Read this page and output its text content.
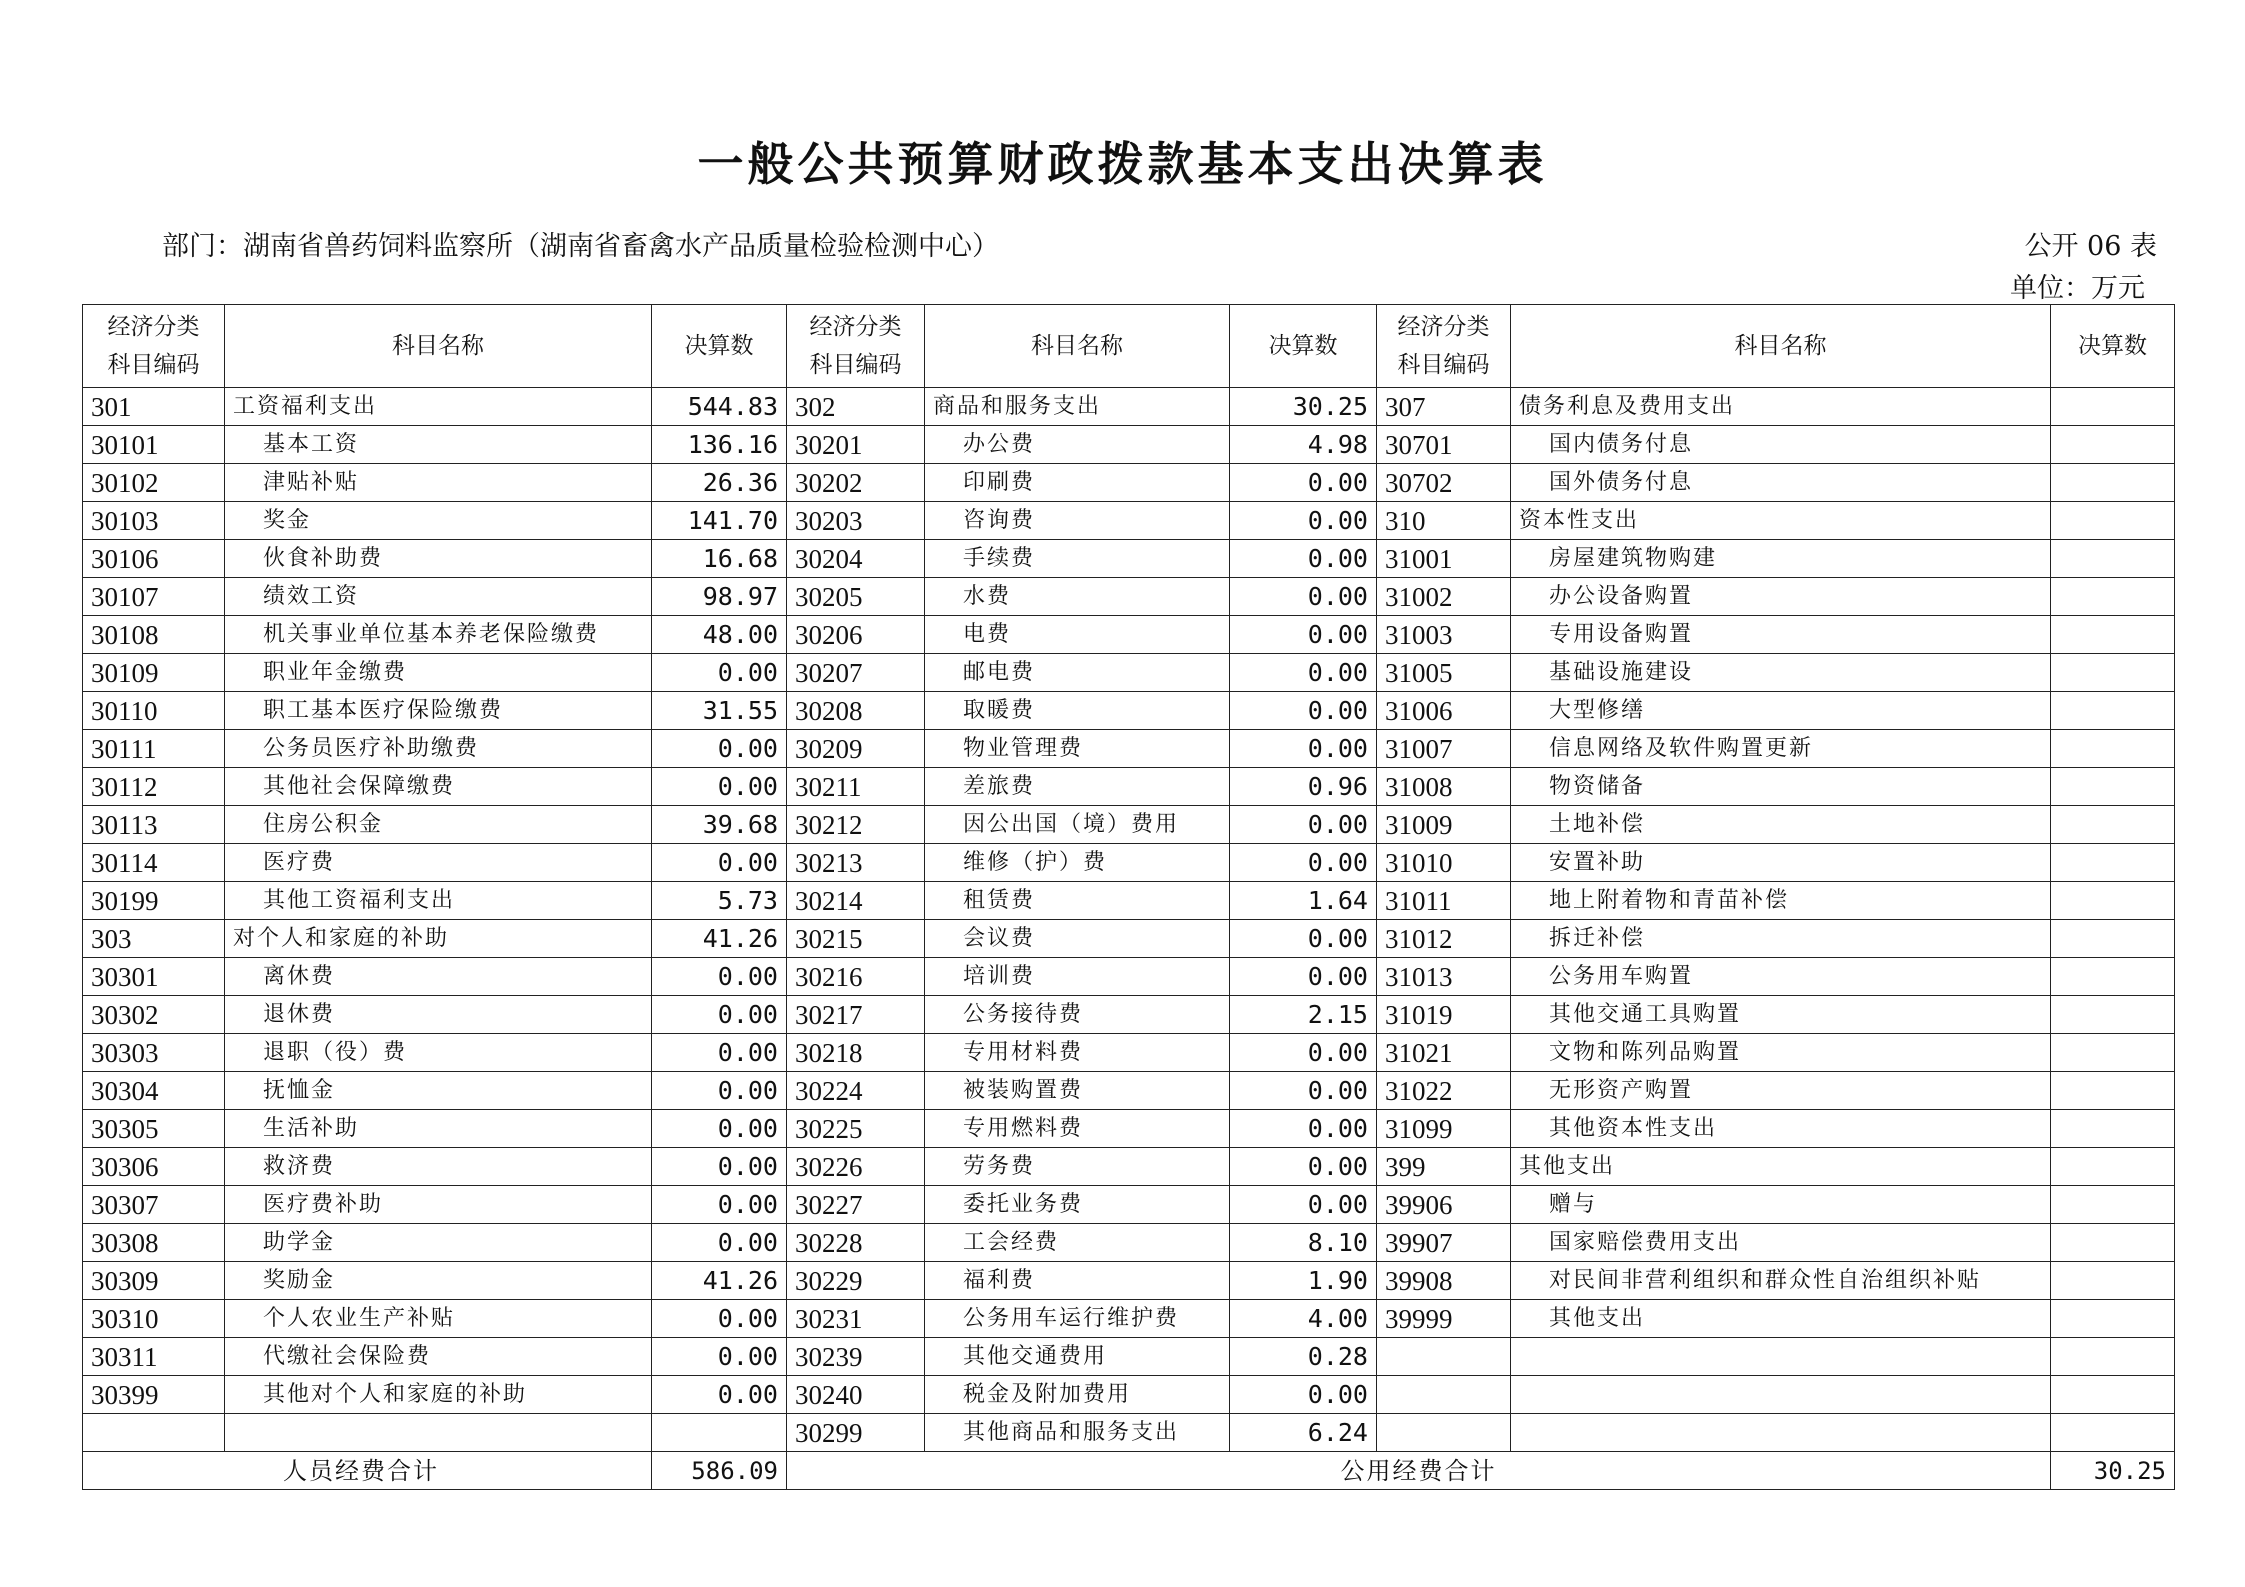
一般公共预算财政拨款基本支出决算表
部门：湖南省兽药饲料监察所（湖南省畜禽水产品质量检验检测中心）	公开 06 表
单位：万元
经济分类
科目编码	科目名称	决算数	经济分类
科目编码	科目名称	决算数	经济分类
科目编码	科目名称	决算数
301	工资福利支出	544.83	302	商品和服务支出	30.25	307	债务利息及费用支出	
30101	基本工资	136.16	30201	办公费	4.98	30701	国内债务付息	
30102	津贴补贴	26.36	30202	印刷费	0.00	30702	国外债务付息	
30103	奖金	141.70	30203	咨询费	0.00	310	资本性支出	
30106	伙食补助费	16.68	30204	手续费	0.00	31001	房屋建筑物购建	
30107	绩效工资	98.97	30205	水费	0.00	31002	办公设备购置	
30108	机关事业单位基本养老保险缴费	48.00	30206	电费	0.00	31003	专用设备购置	
30109	职业年金缴费	0.00	30207	邮电费	0.00	31005	基础设施建设	
30110	职工基本医疗保险缴费	31.55	30208	取暖费	0.00	31006	大型修缮	
30111	公务员医疗补助缴费	0.00	30209	物业管理费	0.00	31007	信息网络及软件购置更新	
30112	其他社会保障缴费	0.00	30211	差旅费	0.96	31008	物资储备	
30113	住房公积金	39.68	30212	因公出国（境）费用	0.00	31009	土地补偿	
30114	医疗费	0.00	30213	维修（护）费	0.00	31010	安置补助	
30199	其他工资福利支出	5.73	30214	租赁费	1.64	31011	地上附着物和青苗补偿	
303	对个人和家庭的补助	41.26	30215	会议费	0.00	31012	拆迁补偿	
30301	离休费	0.00	30216	培训费	0.00	31013	公务用车购置	
30302	退休费	0.00	30217	公务接待费	2.15	31019	其他交通工具购置	
30303	退职（役）费	0.00	30218	专用材料费	0.00	31021	文物和陈列品购置	
30304	抚恤金	0.00	30224	被装购置费	0.00	31022	无形资产购置	
30305	生活补助	0.00	30225	专用燃料费	0.00	31099	其他资本性支出	
30306	救济费	0.00	30226	劳务费	0.00	399	其他支出	
30307	医疗费补助	0.00	30227	委托业务费	0.00	39906	赠与	
30308	助学金	0.00	30228	工会经费	8.10	39907	国家赔偿费用支出	
30309	奖励金	41.26	30229	福利费	1.90	39908	对民间非营利组织和群众性自治组织补贴	
30310	个人农业生产补贴	0.00	30231	公务用车运行维护费	4.00	39999	其他支出	
30311	代缴社会保险费	0.00	30239	其他交通费用	0.28			
30399	其他对个人和家庭的补助	0.00	30240	税金及附加费用	0.00			
			30299	其他商品和服务支出	6.24			
人员经费合计		586.09	公用经费合计					30.25
